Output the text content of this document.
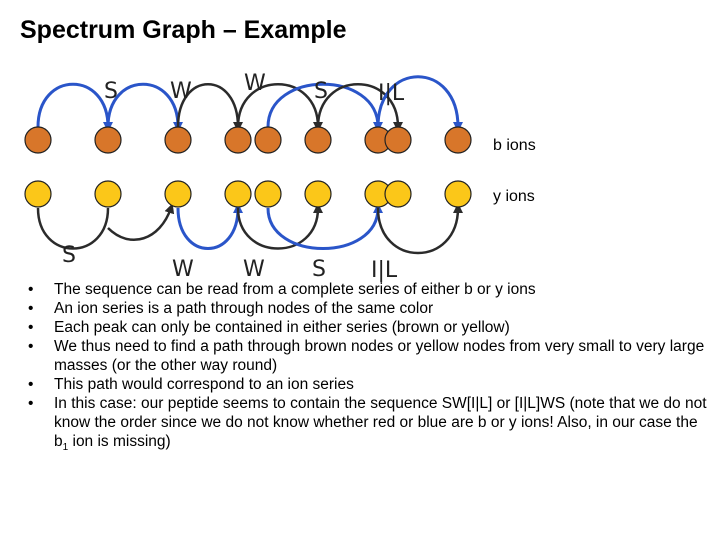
Spectrum Graph – Example
S W W S I|L
S
W W S I|L
b ions
y ions
• The sequence can be read from a complete series of either b or y ions
• An ion series is a path through nodes of the same color
• Each peak can only be contained in either series (brown or yellow)
• We thus need to find a path through brown nodes or yellow nodes from very small to very large masses (or the other way round)
• This path would correspond to an ion series
• In this case: our peptide seems to contain the sequence SW[I|L] or [I|L]WS (note that we do not know the order since we do not know whether red or blue are b or y ions! Also, in our case the $b_1$ ion is missing)
